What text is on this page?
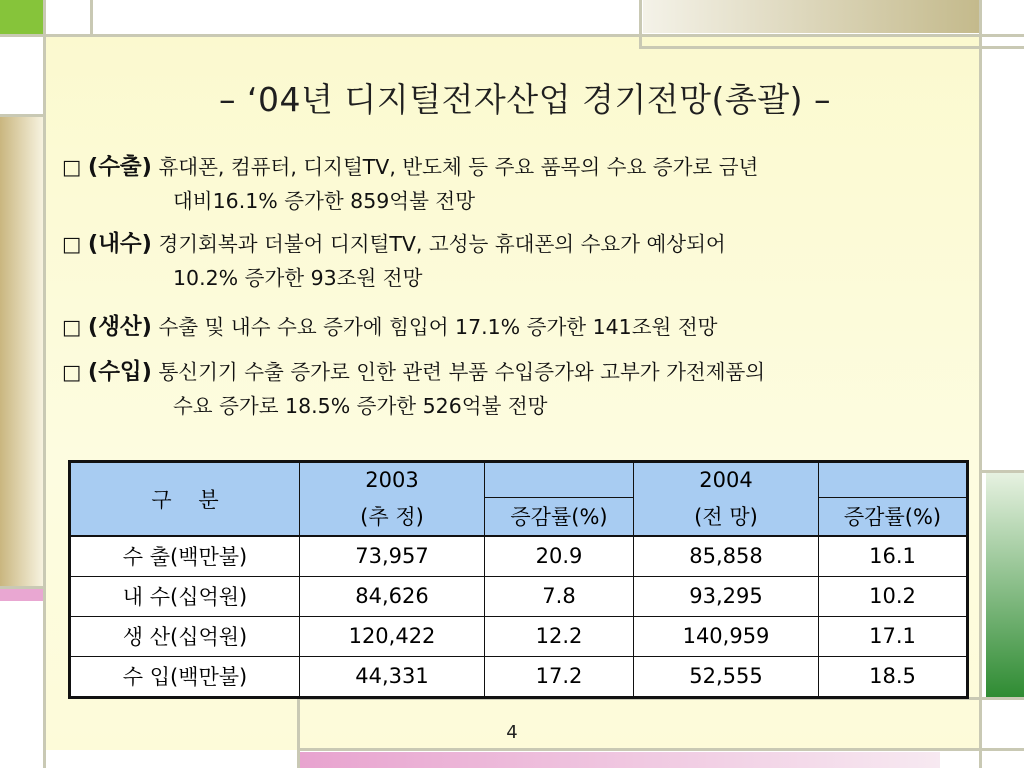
– ‘04년 디지털전자산업 경기전망(총괄) –
□ (수출) 휴대폰, 컴퓨터, 디지털TV, 반도체 등 주요 품목의 수요 증가로 금년
대비16.1% 증가한 859억불 전망
□ (내수) 경기회복과 더불어 디지털TV, 고성능 휴대폰의 수요가 예상되어
10.2% 증가한 93조원 전망
□ (생산) 수출 및 내수 수요 증가에 힘입어 17.1% 증가한 141조원 전망
□ (수입) 통신기기 수출 증가로 인한 관련 부품 수입증가와 고부가 가전제품의
수요 증가로 18.5% 증가한 526억불 전망
구    분	2003		2004	
	(추 정)	증감률(%)	(전 망)	증감률(%)
수 출(백만불)	73,957	20.9	85,858	16.1
내 수(십억원)	84,626	7.8	93,295	10.2
생 산(십억원)	120,422	12.2	140,959	17.1
수 입(백만불)	44,331	17.2	52,555	18.5
4
